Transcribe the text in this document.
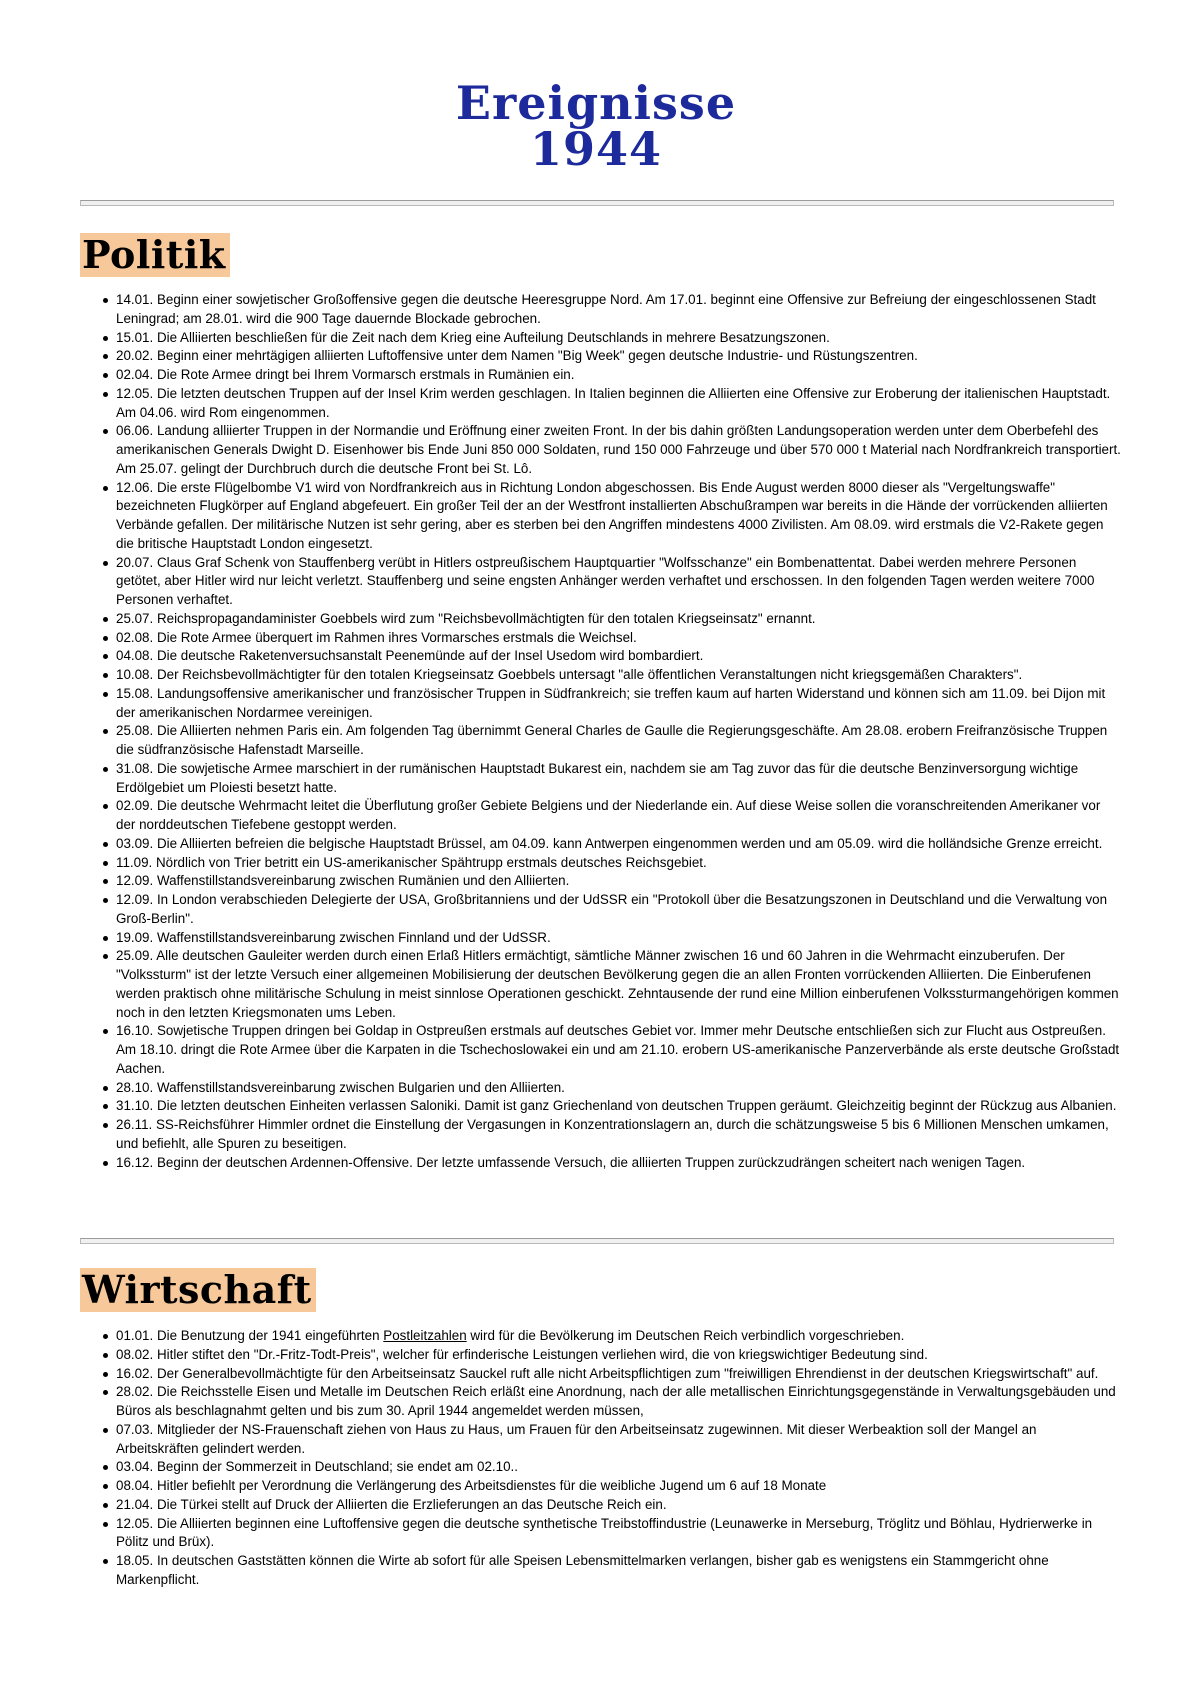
Ereignisse
1944
Politik
14.01. Beginn einer sowjetischer Großoffensive gegen die deutsche Heeresgruppe Nord. Am 17.01. beginnt eine Offensive zur Befreiung der eingeschlossenen Stadt Leningrad; am 28.01. wird die 900 Tage dauernde Blockade gebrochen.
15.01. Die Alliierten beschließen für die Zeit nach dem Krieg eine Aufteilung Deutschlands in mehrere Besatzungszonen.
20.02. Beginn einer mehrtägigen alliierten Luftoffensive unter dem Namen "Big Week" gegen deutsche Industrie- und Rüstungszentren.
02.04. Die Rote Armee dringt bei Ihrem Vormarsch erstmals in Rumänien ein.
12.05. Die letzten deutschen Truppen auf der Insel Krim werden geschlagen. In Italien beginnen die Alliierten eine Offensive zur Eroberung der italienischen Hauptstadt. Am 04.06. wird Rom eingenommen.
06.06. Landung alliierter Truppen in der Normandie und Eröffnung einer zweiten Front. In der bis dahin größten Landungsoperation werden unter dem Oberbefehl des amerikanischen Generals Dwight D. Eisenhower bis Ende Juni 850 000 Soldaten, rund 150 000 Fahrzeuge und über 570 000 t Material nach Nordfrankreich transportiert. Am 25.07. gelingt der Durchbruch durch die deutsche Front bei St. Lô.
12.06. Die erste Flügelbombe V1 wird von Nordfrankreich aus in Richtung London abgeschossen. Bis Ende August werden 8000 dieser als "Vergeltungswaffe" bezeichneten Flugkörper auf England abgefeuert. Ein großer Teil der an der Westfront installierten Abschußrampen war bereits in die Hände der vorrückenden alliierten Verbände gefallen. Der militärische Nutzen ist sehr gering, aber es sterben bei den Angriffen mindestens 4000 Zivilisten. Am 08.09. wird erstmals die V2-Rakete gegen die britische Hauptstadt London eingesetzt.
20.07. Claus Graf Schenk von Stauffenberg verübt in Hitlers ostpreußischem Hauptquartier "Wolfsschanze" ein Bombenattentat. Dabei werden mehrere Personen getötet, aber Hitler wird nur leicht verletzt. Stauffenberg und seine engsten Anhänger werden verhaftet und erschossen. In den folgenden Tagen werden weitere 7000 Personen verhaftet.
25.07. Reichspropagandaminister Goebbels wird zum "Reichsbevollmächtigten für den totalen Kriegseinsatz" ernannt.
02.08. Die Rote Armee überquert im Rahmen ihres Vormarsches erstmals die Weichsel.
04.08. Die deutsche Raketenversuchsanstalt Peenemünde auf der Insel Usedom wird bombardiert.
10.08. Der Reichsbevollmächtigter für den totalen Kriegseinsatz Goebbels untersagt "alle öffentlichen Veranstaltungen nicht kriegsgemäßen Charakters".
15.08. Landungsoffensive amerikanischer und französischer Truppen in Südfrankreich; sie treffen kaum auf harten Widerstand und können sich am 11.09. bei Dijon mit der amerikanischen Nordarmee vereinigen.
25.08. Die Alliierten nehmen Paris ein. Am folgenden Tag übernimmt General Charles de Gaulle die Regierungsgeschäfte. Am 28.08. erobern Freifranzösische Truppen die südfranzösische Hafenstadt Marseille.
31.08. Die sowjetische Armee marschiert in der rumänischen Hauptstadt Bukarest ein, nachdem sie am Tag zuvor das für die deutsche Benzinversorgung wichtige Erdölgebiet um Ploiesti besetzt hatte.
02.09. Die deutsche Wehrmacht leitet die Überflutung großer Gebiete Belgiens und der Niederlande ein. Auf diese Weise sollen die voranschreitenden Amerikaner vor der norddeutschen Tiefebene gestoppt werden.
03.09. Die Alliierten befreien die belgische Hauptstadt Brüssel, am 04.09. kann Antwerpen eingenommen werden und am 05.09. wird die holländsiche Grenze erreicht.
11.09. Nördlich von Trier betritt ein US-amerikanischer Spähtrupp erstmals deutsches Reichsgebiet.
12.09. Waffenstillstandsvereinbarung zwischen Rumänien und den Alliierten.
12.09. In London verabschieden Delegierte der USA, Großbritanniens und der UdSSR ein "Protokoll über die Besatzungszonen in Deutschland und die Verwaltung von Groß-Berlin".
19.09. Waffenstillstandsvereinbarung zwischen Finnland und der UdSSR.
25.09. Alle deutschen Gauleiter werden durch einen Erlaß Hitlers ermächtigt, sämtliche Männer zwischen 16 und 60 Jahren in die Wehrmacht einzuberufen. Der "Volkssturm" ist der letzte Versuch einer allgemeinen Mobilisierung der deutschen Bevölkerung gegen die an allen Fronten vorrückenden Alliierten. Die Einberufenen werden praktisch ohne militärische Schulung in meist sinnlose Operationen geschickt. Zehntausende der rund eine Million einberufenen Volkssturmangehörigen kommen noch in den letzten Kriegsmonaten ums Leben.
16.10. Sowjetische Truppen dringen bei Goldap in Ostpreußen erstmals auf deutsches Gebiet vor. Immer mehr Deutsche entschließen sich zur Flucht aus Ostpreußen. Am 18.10. dringt die Rote Armee über die Karpaten in die Tschechoslowakei ein und am 21.10. erobern US-amerikanische Panzerverbände als erste deutsche Großstadt Aachen.
28.10. Waffenstillstandsvereinbarung zwischen Bulgarien und den Alliierten.
31.10. Die letzten deutschen Einheiten verlassen Saloniki. Damit ist ganz Griechenland von deutschen Truppen geräumt. Gleichzeitig beginnt der Rückzug aus Albanien.
26.11. SS-Reichsführer Himmler ordnet die Einstellung der Vergasungen in Konzentrationslagern an, durch die schätzungsweise 5 bis 6 Millionen Menschen umkamen, und befiehlt, alle Spuren zu beseitigen.
16.12. Beginn der deutschen Ardennen-Offensive. Der letzte umfassende Versuch, die alliierten Truppen zurückzudrängen scheitert nach wenigen Tagen.
Wirtschaft
01.01. Die Benutzung der 1941 eingeführten Postleitzahlen wird für die Bevölkerung im Deutschen Reich verbindlich vorgeschrieben.
08.02. Hitler stiftet den "Dr.-Fritz-Todt-Preis", welcher für erfinderische Leistungen verliehen wird, die von kriegswichtiger Bedeutung sind.
16.02. Der Generalbevollmächtigte für den Arbeitseinsatz Sauckel ruft alle nicht Arbeitspflichtigen zum "freiwilligen Ehrendienst in der deutschen Kriegswirtschaft" auf.
28.02. Die Reichsstelle Eisen und Metalle im Deutschen Reich erläßt eine Anordnung, nach der alle metallischen Einrichtungsgegenstände in Verwaltungsgebäuden und Büros als beschlagnahmt gelten und bis zum 30. April 1944 angemeldet werden müssen,
07.03. Mitglieder der NS-Frauenschaft ziehen von Haus zu Haus, um Frauen für den Arbeitseinsatz zugewinnen. Mit dieser Werbeaktion soll der Mangel an Arbeitskräften gelindert werden.
03.04. Beginn der Sommerzeit in Deutschland; sie endet am 02.10..
08.04. Hitler befiehlt per Verordnung die Verlängerung des Arbeitsdienstes für die weibliche Jugend um 6 auf 18 Monate
21.04. Die Türkei stellt auf Druck der Alliierten die Erzlieferungen an das Deutsche Reich ein.
12.05. Die Alliierten beginnen eine Luftoffensive gegen die deutsche synthetische Treibstoffindustrie (Leunawerke in Merseburg, Tröglitz und Böhlau, Hydrierwerke in Pölitz und Brüx).
18.05. In deutschen Gaststätten können die Wirte ab sofort für alle Speisen Lebensmittelmarken verlangen, bisher gab es wenigstens ein Stammgericht ohne Markenpflicht.
